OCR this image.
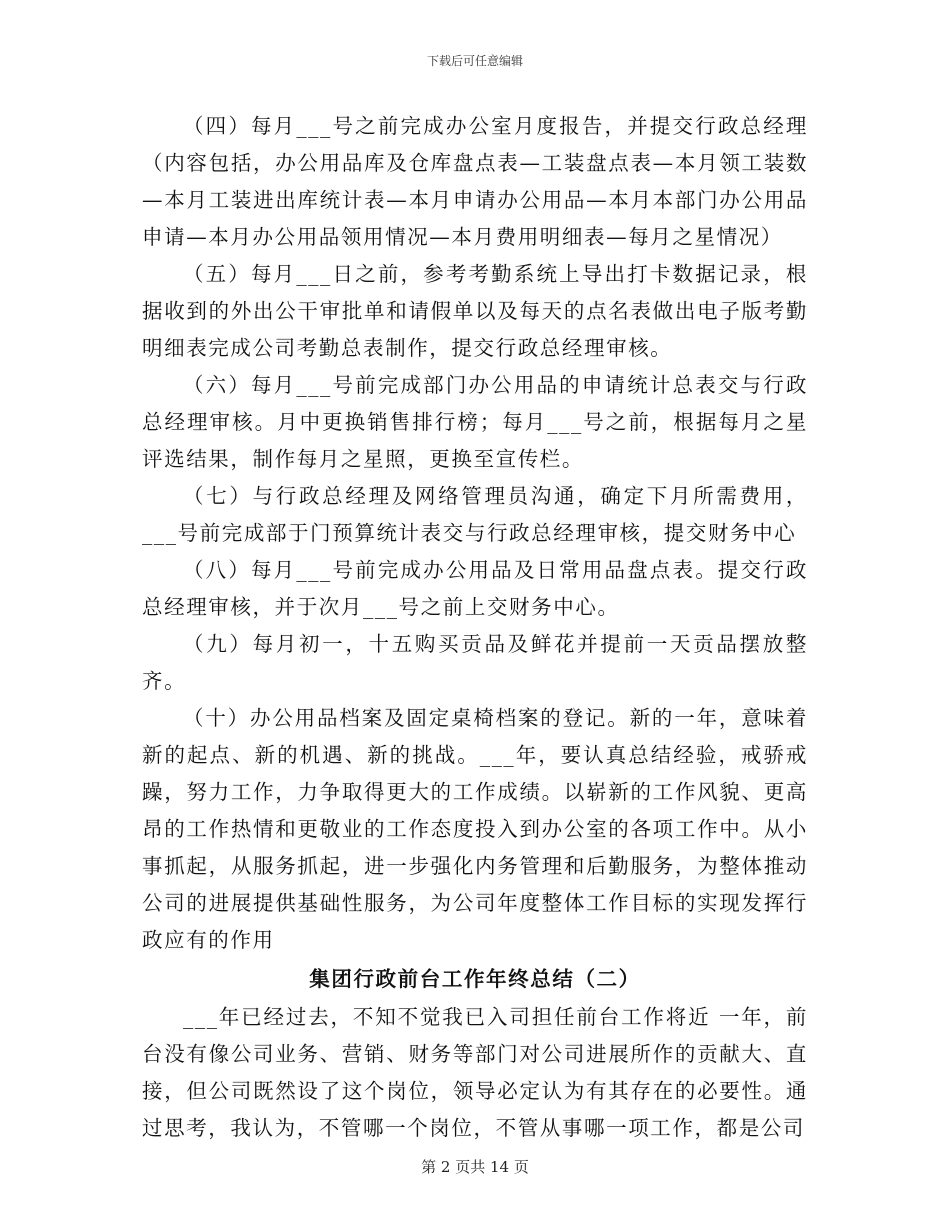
下载后可任意编辑

（四）每月___号之前完成办公室月度报告，并提交行政总经理（内容包括，办公用品库及仓库盘点表—工装盘点表—本月领工装数—本月工装进出库统计表—本月申请办公用品—本月本部门办公用品申请—本月办公用品领用情况—本月费用明细表—每月之星情况）

（五）每月___日之前，参考考勤系统上导出打卡数据记录，根据收到的外出公干审批单和请假单以及每天的点名表做出电子版考勤明细表完成公司考勤总表制作，提交行政总经理审核。

（六）每月___号前完成部门办公用品的申请统计总表交与行政总经理审核。月中更换销售排行榜；每月___号之前，根据每月之星评选结果，制作每月之星照，更换至宣传栏。

（七）与行政总经理及网络管理员沟通，确定下月所需费用，___号前完成部于门预算统计表交与行政总经理审核，提交财务中心

（八）每月___号前完成办公用品及日常用品盘点表。提交行政总经理审核，并于次月___号之前上交财务中心。

（九）每月初一，十五购买贡品及鲜花并提前一天贡品摆放整齐。

（十）办公用品档案及固定桌椅档案的登记。新的一年，意味着新的起点、新的机遇、新的挑战。___年，要认真总结经验，戒骄戒躁，努力工作，力争取得更大的工作成绩。以崭新的工作风貌、更高昂的工作热情和更敬业的工作态度投入到办公室的各项工作中。从小事抓起，从服务抓起，进一步强化内务管理和后勤服务，为整体推动公司的进展提供基础性服务，为公司年度整体工作目标的实现发挥行政应有的作用

集团行政前台工作年终总结（二）

___年已经过去，不知不觉我已入司担任前台工作将近 一年，前台没有像公司业务、营销、财务等部门对公司进展所作的贡献大、直接，但公司既然设了这个岗位，领导必定认为有其存在的必要性。通过思考，我认为，不管哪一个岗位，不管从事哪一项工作，都是公司

第 2 页共 14 页
